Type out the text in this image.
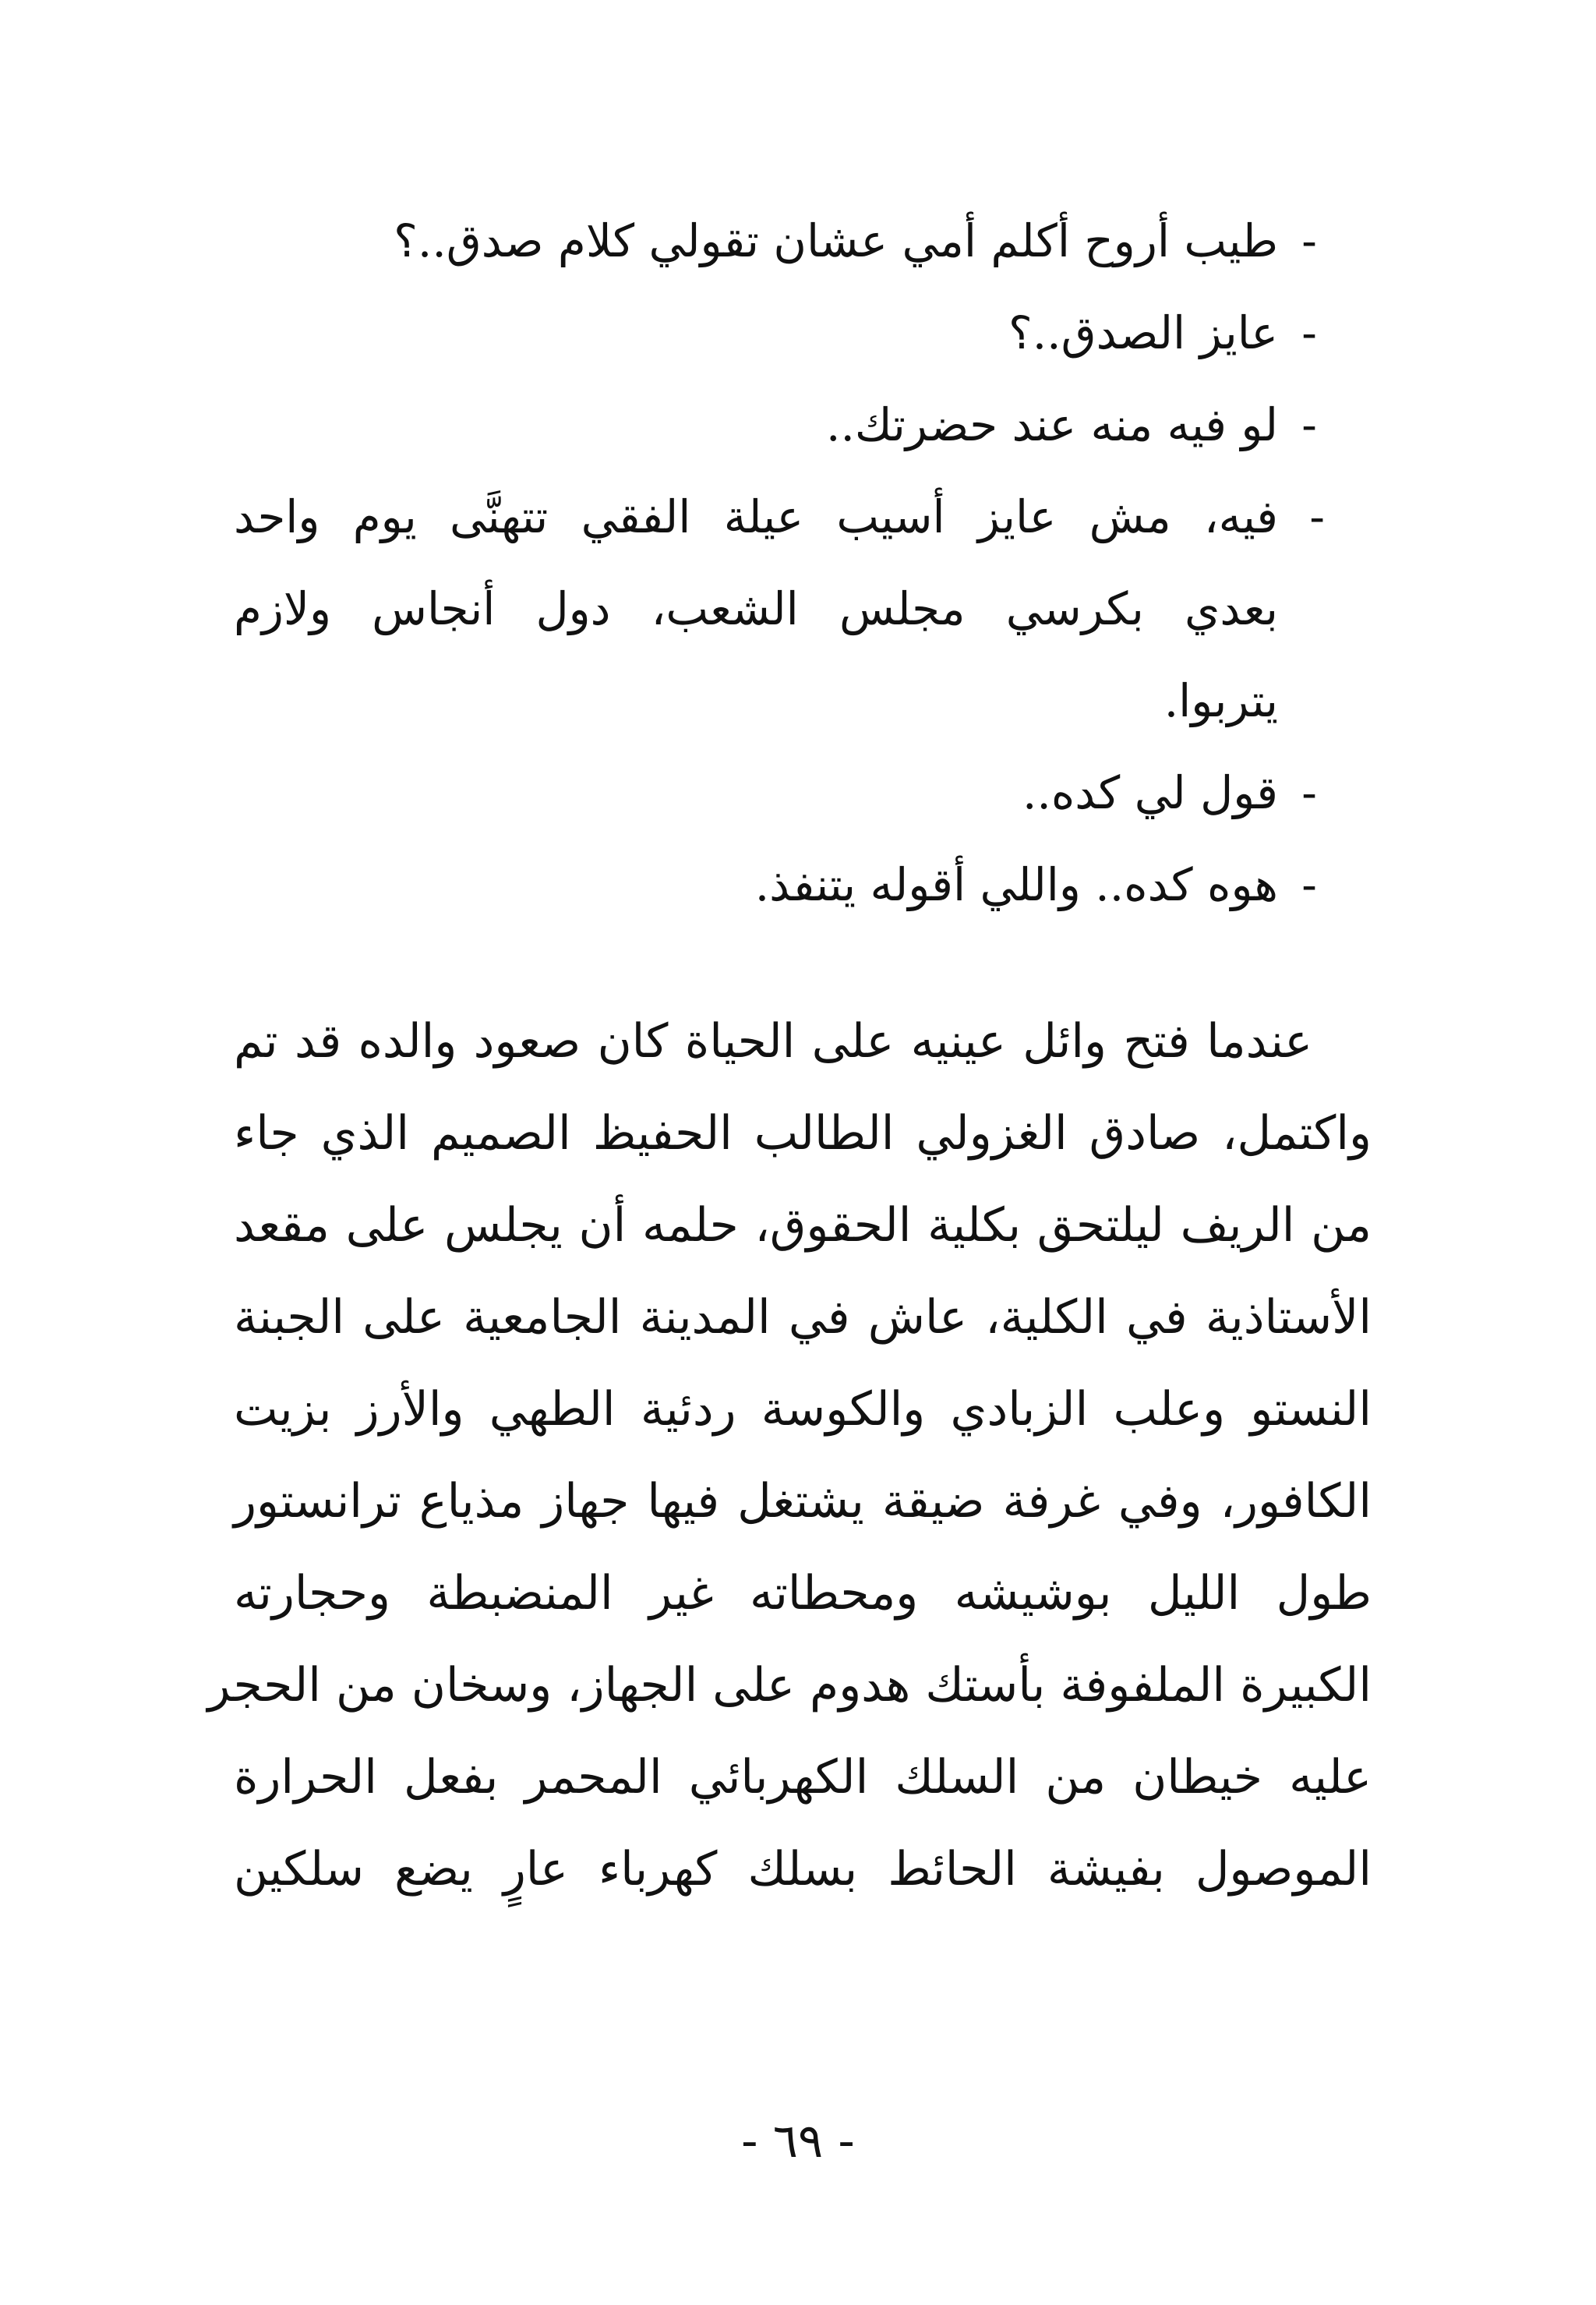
-
طيب أروح أكلم أمي عشان تقولي كلام صدق..؟
-
عايز الصدق..؟
-
لو فيه منه عند حضرتك..
-
فيه، مش عايز أسيب عيلة الفقي تتهنَّى يوم واحد
بعدي بكرسي مجلس الشعب، دول أنجاس ولازم
يتربوا.
-
قول لي كده..
-
هوه كده.. واللي أقوله يتنفذ.
عندما فتح وائل عينيه على الحياة كان صعود والده قد تم
واكتمل، صادق الغزولي الطالب الحفيظ الصميم الذي جاء
من الريف ليلتحق بكلية الحقوق، حلمه أن يجلس على مقعد
الأستاذية في الكلية، عاش في المدينة الجامعية على الجبنة
النستو وعلب الزبادي والكوسة ردئية الطهي والأرز بزيت
الكافور، وفي غرفة ضيقة يشتغل فيها جهاز مذياع ترانستور
طول الليل بوشيشه ومحطاته غير المنضبطة وحجارته
الكبيرة الملفوفة بأستك هدوم على الجهاز، وسخان من الحجر
عليه خيطان من السلك الكهربائي المحمر بفعل الحرارة
الموصول بفيشة الحائط بسلك كهرباء عارٍ يضع سلكين
- ٦٩ -
